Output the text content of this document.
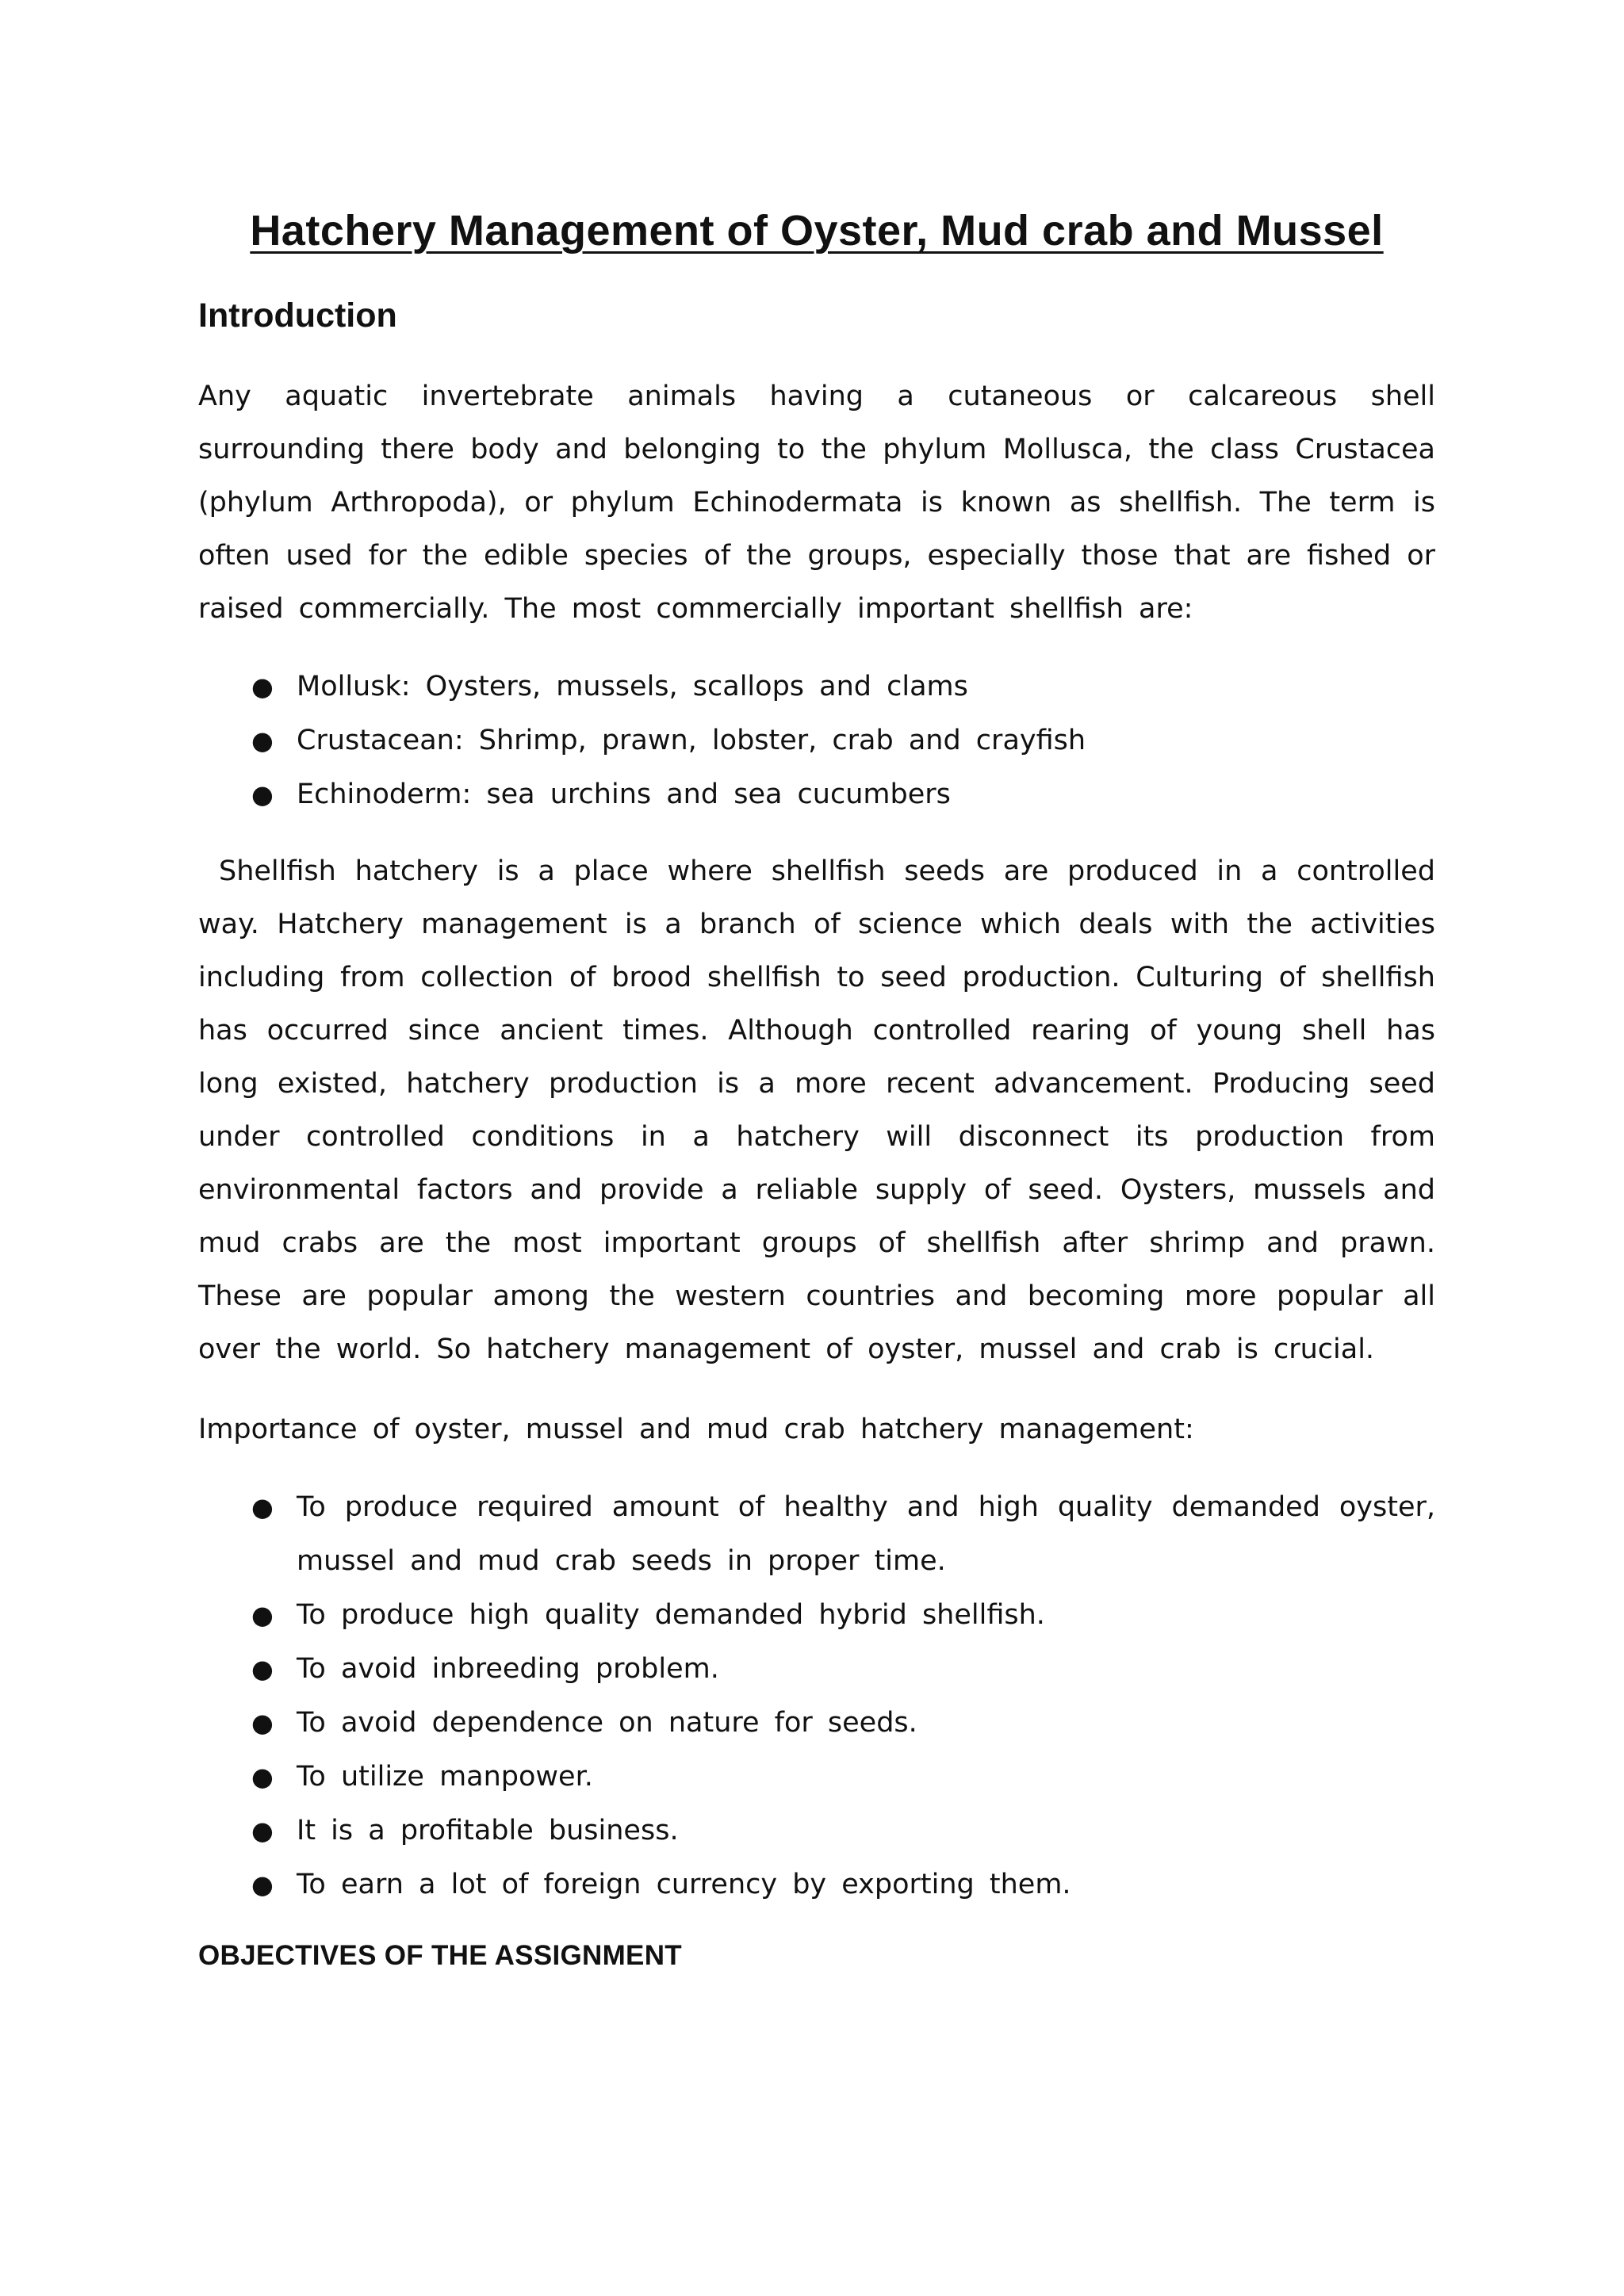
Hatchery Management of Oyster, Mud crab and Mussel
Introduction

Any aquatic invertebrate animals having a cutaneous or calcareous shell surrounding there body and belonging to the phylum Mollusca, the class Crustacea (phylum Arthropoda), or phylum Echinodermata is known as shellfish. The term is often used for the edible species of the groups, especially those that are fished or raised commercially. The most commercially important shellfish are:

● Mollusk: Oysters, mussels, scallops and clams
● Crustacean: Shrimp, prawn, lobster, crab and crayfish
● Echinoderm: sea urchins and sea cucumbers

Shellfish hatchery is a place where shellfish seeds are produced in a controlled way. Hatchery management is a branch of science which deals with the activities including from collection of brood shellfish to seed production. Culturing of shellfish has occurred since ancient times. Although controlled rearing of young shell has long existed, hatchery production is a more recent advancement. Producing seed under controlled conditions in a hatchery will disconnect its production from environmental factors and provide a reliable supply of seed. Oysters, mussels and mud crabs are the most important groups of shellfish after shrimp and prawn. These are popular among the western countries and becoming more popular all over the world. So hatchery management of oyster, mussel and crab is crucial.

Importance of oyster, mussel and mud crab hatchery management:

● To produce required amount of healthy and high quality demanded oyster, mussel and mud crab seeds in proper time.
● To produce high quality demanded hybrid shellfish.
● To avoid inbreeding problem.
● To avoid dependence on nature for seeds.
● To utilize manpower.
● It is a profitable business.
● To earn a lot of foreign currency by exporting them.
OBJECTIVES OF THE ASSIGNMENT
